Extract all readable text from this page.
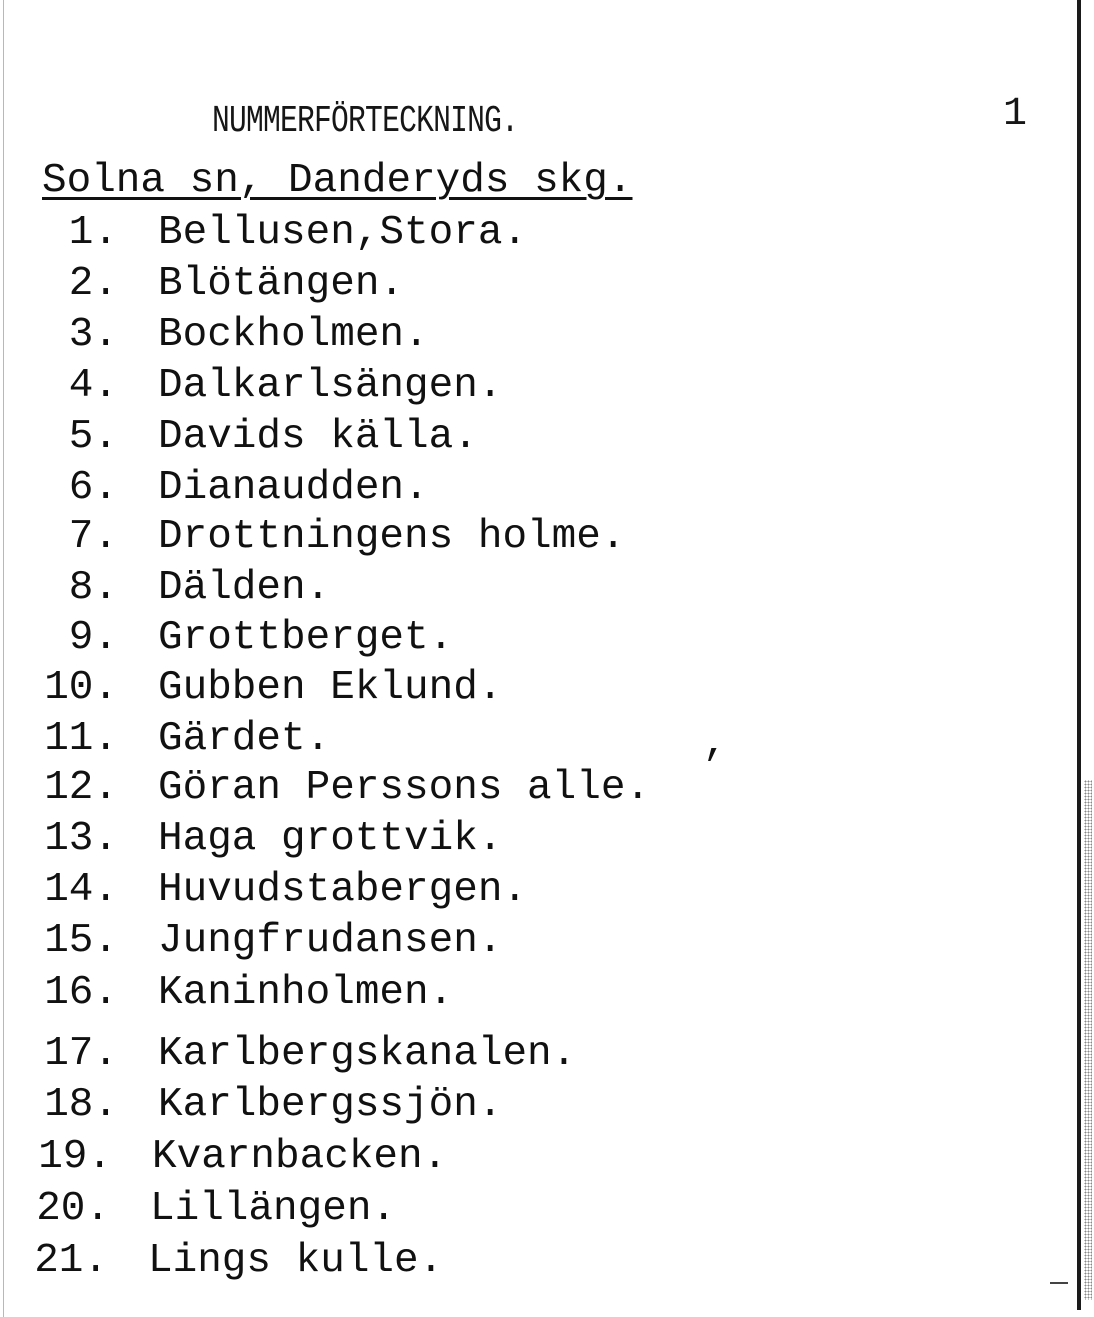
NUMMERFÖRTECKNING.	1
Solna sn, Danderyds skg.
1. Bellusen,Stora.
2. Blötängen.
3. Bockholmen.
4. Dalkarlsängen.
5. Davids källa.
6. Dianaudden.
7. Drottningens holme.
8. Dälden.
9. Grottberget.
10. Gubben Eklund.
11. Gärdet.
12. Göran Perssons alle.
13. Haga grottvik.
14. Huvudstabergen.
15. Jungfrudansen.
16. Kaninholmen.
17. Karlbergskanalen.
18. Karlbergssjön.
19. Kvarnbacken.
20. Lillängen.
21. Lings kulle.
,
